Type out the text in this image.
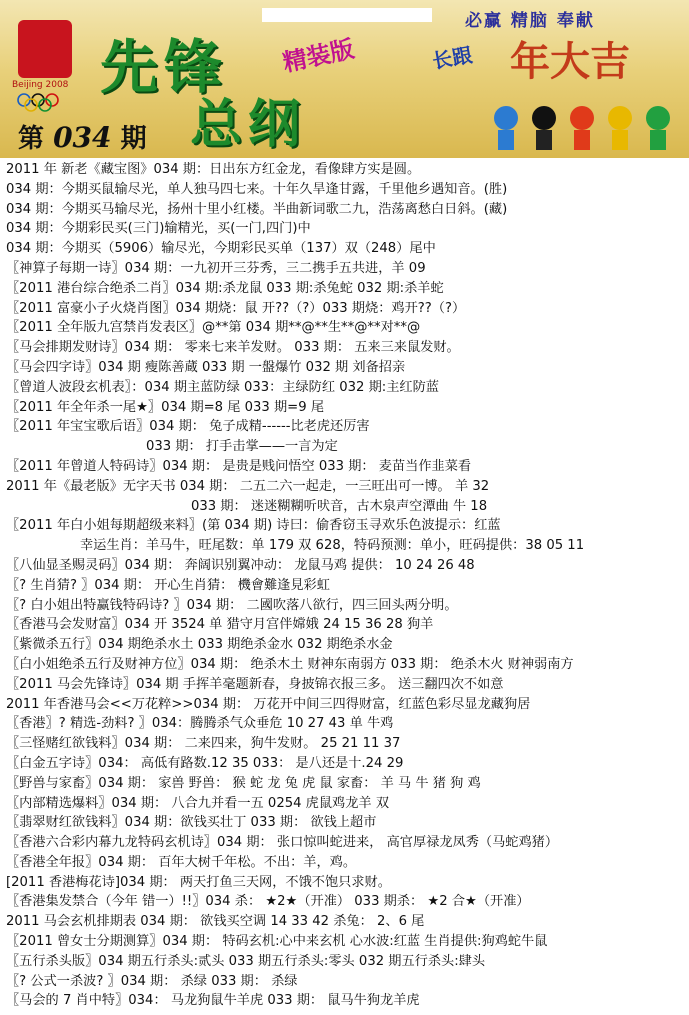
Beijing 2008 先锋
总纲
精装版
必赢 精脑 奉献
长跟 年大吉
第 034 期
2011 年 新老《藏宝图》034 期：日出东方红金龙，看像肆方实是圆。
034 期：今期买鼠输尽光，单人独马四七来。十年久旱逢甘露，千里他乡遇知音。(胜)
034 期：今期买马输尽光，扬州十里小红楼。半曲新词歌二九，浩荡离愁白日斜。(藏)
034 期：今期彩民买(三门)输精光，买(一门,四门)中
034 期：今期买（5906）输尽光，今期彩民买单（137）双（248）尾中
〖神算子每期一诗〗034 期：一九初开三芬秀，三二携手五共进，羊 09
〖2011 港台综合绝杀二肖〗034 期:杀龙鼠 033 期:杀兔蛇 032 期:杀羊蛇
〖2011 富豪小子火烧肖图〗034 期烧：鼠 开??（?）033 期烧：鸡开??（?）
〖2011 全年版九宫禁肖发表区〗@**第 034 期**@**生**@**对**@
〖马会排期发财诗〗034 期： 零来七来羊发财。 033 期： 五来三来鼠发财。
〖马会四字诗〗034 期 瘦陈善蔵 033 期 一盤爆竹 032 期 刘备招亲
〖曾道人波段玄机表〗：034 期主蓝防绿 033：主绿防红 032 期:主红防蓝
〖2011 年全年杀一尾★〗034 期=8 尾 033 期=9 尾
〖2011 年宝宝歌后语〗034 期： 兔子成精------比老虎还厉害
033 期： 打手击掌——一言为定
〖2011 年曾道人特码诗〗034 期： 是贵是贱问悟空 033 期： 麦苗当作韭菜看
2011 年《最老版》无字天书 034 期： 二五二六一起走，一三旺出可一博。 羊 32
033 期： 迷迷糊糊听吠音，古木泉声空潭曲 牛 18
〖2011 年白小姐每期超级来料〗(第 034 期) 诗曰：偷香窃玉寻欢乐色波提示：红蓝
幸运生肖：羊马牛，旺尾数：单 179 双 628，特码预测：单小，旺码提供：38 05 11
〖八仙显圣赐灵码〗034 期： 奔阔识别翼冲动： 龙鼠马鸡 提供： 10 24 26 48
〖? 生肖猜? 〗034 期： 开心生肖猜： 機會難逢見彩虹
〖? 白小姐出特赢钱特码诗? 〗034 期： 二國吹落八欲行，四三回头两分明。
〖香港马会发财富〗034 开 3524 单 猎守月宫伴嫦娥 24 15 36 28 狗羊
〖紫微杀五行〗034 期绝杀水土 033 期绝杀金水 032 期绝杀水金
〖白小姐绝杀五行及财神方位〗034 期： 绝杀木土 财神东南弱方 033 期： 绝杀木火 财神弱南方
〖2011 马会先锋诗〗034 期 手挥羊毫题新春，身披锦衣报三多。 送三翻四次不如意
2011 年香港马会<<万花粹>>034 期： 万花开中间三四得财富，红蓝色彩尽显龙藏狗居
〖香港〗? 精选-劲料? 〗034：腾腾杀气众垂危 10 27 43 单 牛鸡
〖三怪赌红欲钱料〗034 期： 二来四来，狗牛发财。 25 21 11 37
〖白金五字诗〗034： 高低有路数.12 35 033： 是八还是十.24 29
〖野兽与家畜〗034 期： 家兽 野兽： 猴 蛇 龙 兔 虎 鼠 家畜： 羊 马 牛 猪 狗 鸡
〖内部精选爆料〗034 期： 八合九并看一五 0254 虎鼠鸡龙羊 双
〖翡翠财红欲钱料〗034 期：欲钱买壮丁 033 期： 欲钱上超市
〖香港六合彩内幕九龙特码玄机诗〗034 期： 张口惊叫蛇进来， 高官厚禄龙凤秀（马蛇鸡猪）
〖香港全年报〗034 期： 百年大树千年松。不出：羊，鸡。
[2011 香港梅花诗]034 期： 两天打鱼三天网，不饿不饱只求财。
〖香港集发禁合（今年 错一）!!〗034 杀： ★2★（开准） 033 期杀： ★2 合★（开准）
2011 马会玄机排期表 034 期： 欲钱买空调 14 33 42 杀兔： 2、6 尾
〖2011 曾女士分期测算〗034 期： 特码玄机:心中来玄机 心水波:红蓝 生肖提供:狗鸡蛇牛鼠
〖五行杀头版〗034 期五行杀头:贰头 033 期五行杀头:零头 032 期五行杀头:肆头
〖? 公式一杀波? 〗034 期： 杀绿 033 期： 杀绿
〖马会的 7 肖中特〗034： 马龙狗鼠牛羊虎 033 期： 鼠马牛狗龙羊虎
